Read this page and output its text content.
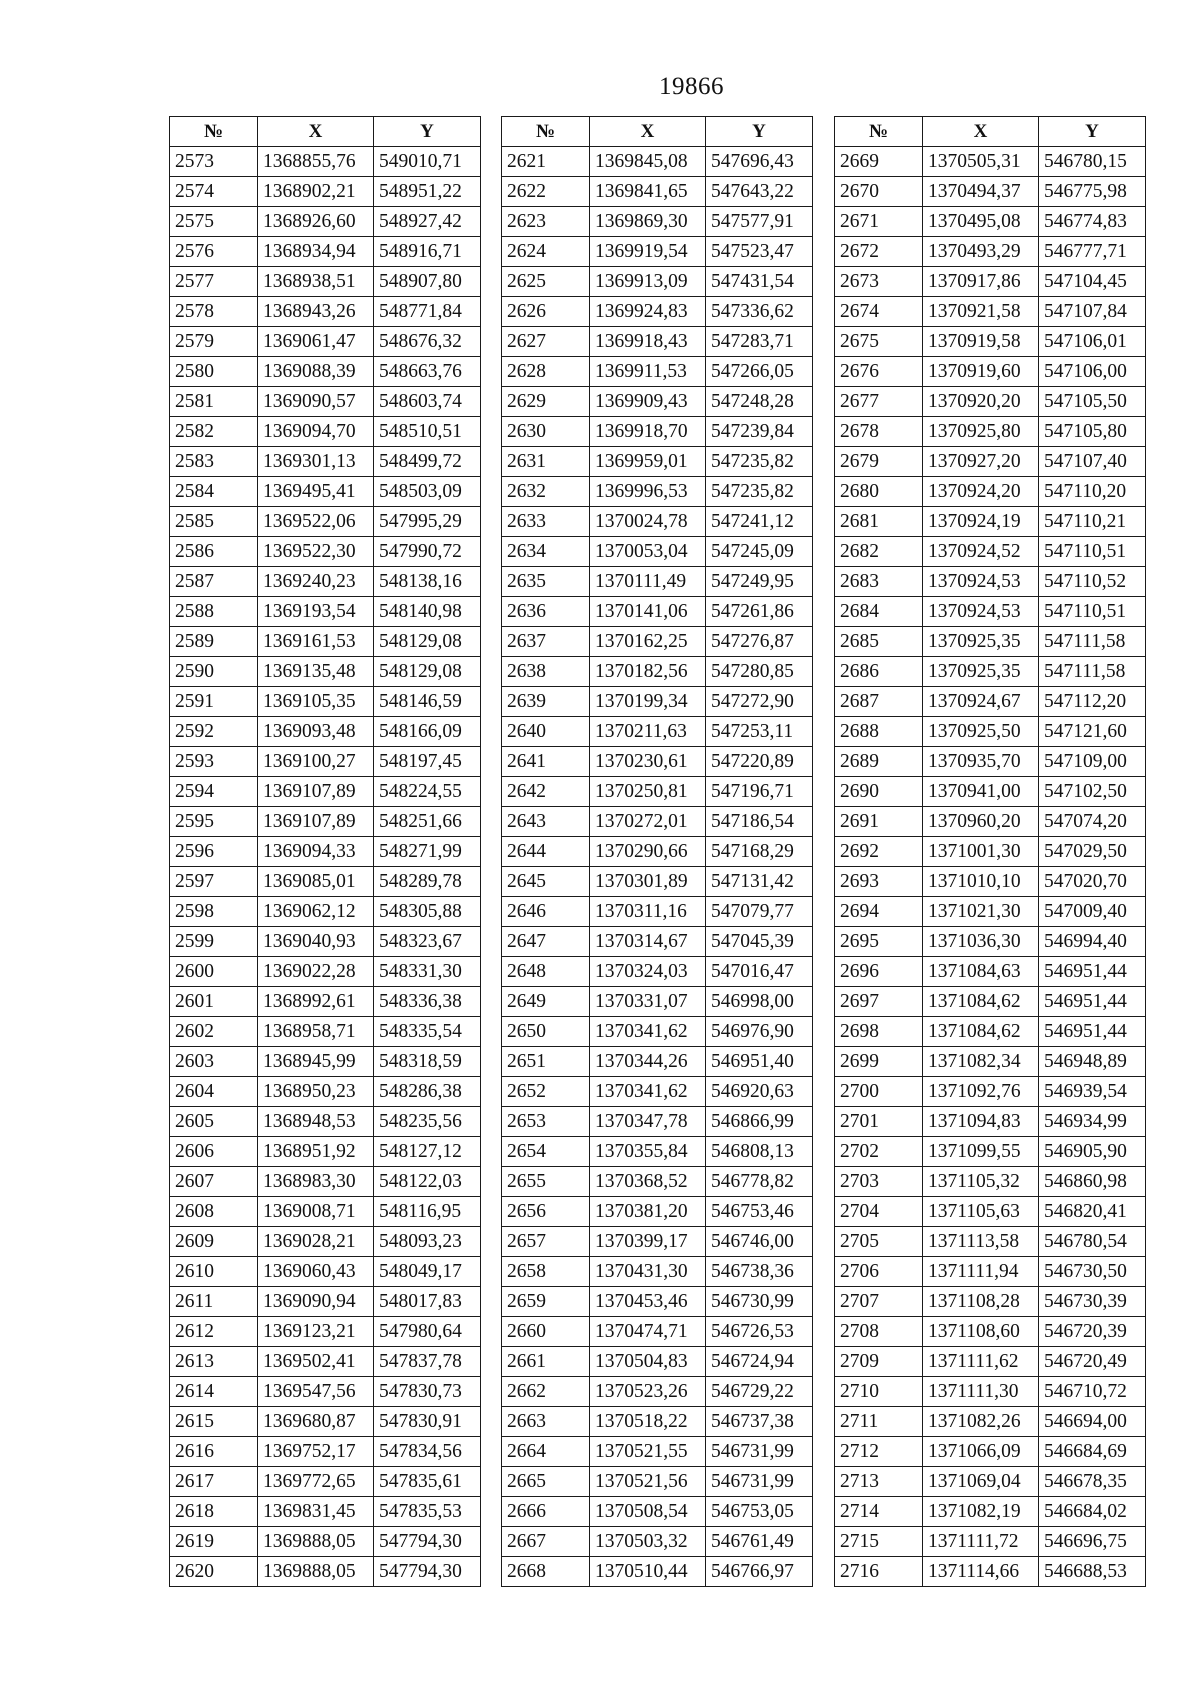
19866
№	X	Y
2573	1368855,76	549010,71
2574	1368902,21	548951,22
2575	1368926,60	548927,42
2576	1368934,94	548916,71
2577	1368938,51	548907,80
2578	1368943,26	548771,84
2579	1369061,47	548676,32
2580	1369088,39	548663,76
2581	1369090,57	548603,74
2582	1369094,70	548510,51
2583	1369301,13	548499,72
2584	1369495,41	548503,09
2585	1369522,06	547995,29
2586	1369522,30	547990,72
2587	1369240,23	548138,16
2588	1369193,54	548140,98
2589	1369161,53	548129,08
2590	1369135,48	548129,08
2591	1369105,35	548146,59
2592	1369093,48	548166,09
2593	1369100,27	548197,45
2594	1369107,89	548224,55
2595	1369107,89	548251,66
2596	1369094,33	548271,99
2597	1369085,01	548289,78
2598	1369062,12	548305,88
2599	1369040,93	548323,67
2600	1369022,28	548331,30
2601	1368992,61	548336,38
2602	1368958,71	548335,54
2603	1368945,99	548318,59
2604	1368950,23	548286,38
2605	1368948,53	548235,56
2606	1368951,92	548127,12
2607	1368983,30	548122,03
2608	1369008,71	548116,95
2609	1369028,21	548093,23
2610	1369060,43	548049,17
2611	1369090,94	548017,83
2612	1369123,21	547980,64
2613	1369502,41	547837,78
2614	1369547,56	547830,73
2615	1369680,87	547830,91
2616	1369752,17	547834,56
2617	1369772,65	547835,61
2618	1369831,45	547835,53
2619	1369888,05	547794,30
2620	1369888,05	547794,30
№	X	Y
2621	1369845,08	547696,43
2622	1369841,65	547643,22
2623	1369869,30	547577,91
2624	1369919,54	547523,47
2625	1369913,09	547431,54
2626	1369924,83	547336,62
2627	1369918,43	547283,71
2628	1369911,53	547266,05
2629	1369909,43	547248,28
2630	1369918,70	547239,84
2631	1369959,01	547235,82
2632	1369996,53	547235,82
2633	1370024,78	547241,12
2634	1370053,04	547245,09
2635	1370111,49	547249,95
2636	1370141,06	547261,86
2637	1370162,25	547276,87
2638	1370182,56	547280,85
2639	1370199,34	547272,90
2640	1370211,63	547253,11
2641	1370230,61	547220,89
2642	1370250,81	547196,71
2643	1370272,01	547186,54
2644	1370290,66	547168,29
2645	1370301,89	547131,42
2646	1370311,16	547079,77
2647	1370314,67	547045,39
2648	1370324,03	547016,47
2649	1370331,07	546998,00
2650	1370341,62	546976,90
2651	1370344,26	546951,40
2652	1370341,62	546920,63
2653	1370347,78	546866,99
2654	1370355,84	546808,13
2655	1370368,52	546778,82
2656	1370381,20	546753,46
2657	1370399,17	546746,00
2658	1370431,30	546738,36
2659	1370453,46	546730,99
2660	1370474,71	546726,53
2661	1370504,83	546724,94
2662	1370523,26	546729,22
2663	1370518,22	546737,38
2664	1370521,55	546731,99
2665	1370521,56	546731,99
2666	1370508,54	546753,05
2667	1370503,32	546761,49
2668	1370510,44	546766,97
№	X	Y
2669	1370505,31	546780,15
2670	1370494,37	546775,98
2671	1370495,08	546774,83
2672	1370493,29	546777,71
2673	1370917,86	547104,45
2674	1370921,58	547107,84
2675	1370919,58	547106,01
2676	1370919,60	547106,00
2677	1370920,20	547105,50
2678	1370925,80	547105,80
2679	1370927,20	547107,40
2680	1370924,20	547110,20
2681	1370924,19	547110,21
2682	1370924,52	547110,51
2683	1370924,53	547110,52
2684	1370924,53	547110,51
2685	1370925,35	547111,58
2686	1370925,35	547111,58
2687	1370924,67	547112,20
2688	1370925,50	547121,60
2689	1370935,70	547109,00
2690	1370941,00	547102,50
2691	1370960,20	547074,20
2692	1371001,30	547029,50
2693	1371010,10	547020,70
2694	1371021,30	547009,40
2695	1371036,30	546994,40
2696	1371084,63	546951,44
2697	1371084,62	546951,44
2698	1371084,62	546951,44
2699	1371082,34	546948,89
2700	1371092,76	546939,54
2701	1371094,83	546934,99
2702	1371099,55	546905,90
2703	1371105,32	546860,98
2704	1371105,63	546820,41
2705	1371113,58	546780,54
2706	1371111,94	546730,50
2707	1371108,28	546730,39
2708	1371108,60	546720,39
2709	1371111,62	546720,49
2710	1371111,30	546710,72
2711	1371082,26	546694,00
2712	1371066,09	546684,69
2713	1371069,04	546678,35
2714	1371082,19	546684,02
2715	1371111,72	546696,75
2716	1371114,66	546688,53
